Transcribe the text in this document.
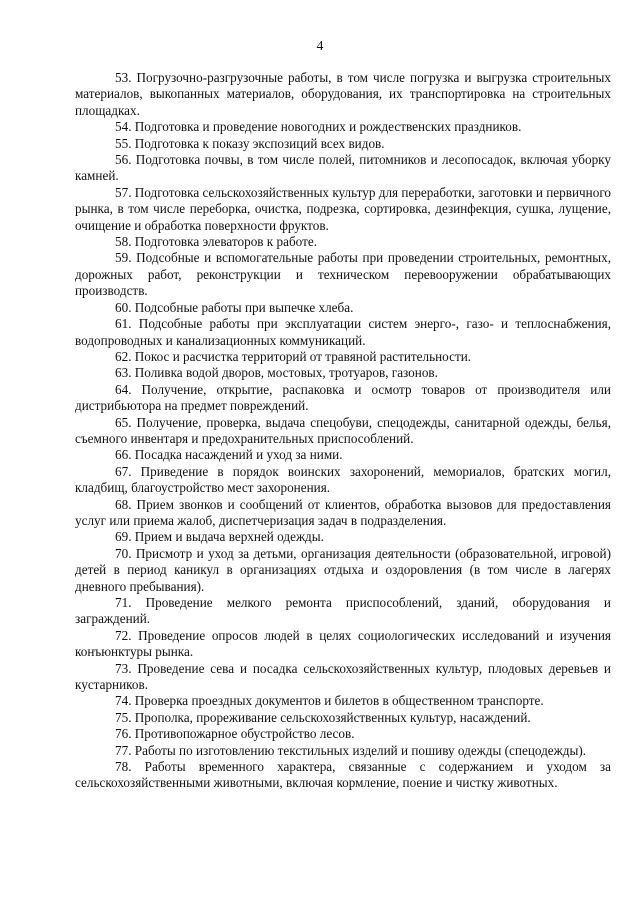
4

53. Погрузочно-разгрузочные работы, в том числе погрузка и выгрузка строительных материалов, выкопанных материалов, оборудования, их транспортировка на строительных площадках.

54. Подготовка и проведение новогодних и рождественских праздников.

55. Подготовка к показу экспозиций всех видов.

56. Подготовка почвы, в том числе полей, питомников и лесопосадок, включая уборку камней.

57. Подготовка сельскохозяйственных культур для переработки, заготовки и первичного рынка, в том числе переборка, очистка, подрезка, сортировка, дезинфекция, сушка, лущение, очищение и обработка поверхности фруктов.

58. Подготовка элеваторов к работе.

59. Подсобные и вспомогательные работы при проведении строительных, ремонтных, дорожных работ, реконструкции и техническом перевооружении обрабатывающих производств.

60. Подсобные работы при выпечке хлеба.

61. Подсобные работы при эксплуатации систем энерго-, газо- и теплоснабжения, водопроводных и канализационных коммуникаций.

62. Покос и расчистка территорий от травяной растительности.

63. Поливка водой дворов, мостовых, тротуаров, газонов.

64. Получение, открытие, распаковка и осмотр товаров от производителя или дистрибьютора на предмет повреждений.

65. Получение, проверка, выдача спецобуви, спецодежды, санитарной одежды, белья, съемного инвентаря и предохранительных приспособлений.

66. Посадка насаждений и уход за ними.

67. Приведение в порядок воинских захоронений, мемориалов, братских могил, кладбищ, благоустройство мест захоронения.

68. Прием звонков и сообщений от клиентов, обработка вызовов для предоставления услуг или приема жалоб, диспетчеризация задач в подразделения.

69. Прием и выдача верхней одежды.

70. Присмотр и уход за детьми, организация деятельности (образовательной, игровой) детей в период каникул в организациях отдыха и оздоровления (в том числе в лагерях дневного пребывания).

71. Проведение мелкого ремонта приспособлений, зданий, оборудования и заграждений.

72. Проведение опросов людей в целях социологических исследований и изучения конъюнктуры рынка.

73. Проведение сева и посадка сельскохозяйственных культур, плодовых деревьев и кустарников.

74. Проверка проездных документов и билетов в общественном транспорте.

75. Прополка, прореживание сельскохозяйственных культур, насаждений.

76. Противопожарное обустройство лесов.

77. Работы по изготовлению текстильных изделий и пошиву одежды (спецодежды).

78. Работы временного характера, связанные с содержанием и уходом за сельскохозяйственными животными, включая кормление, поение и чистку животных.
